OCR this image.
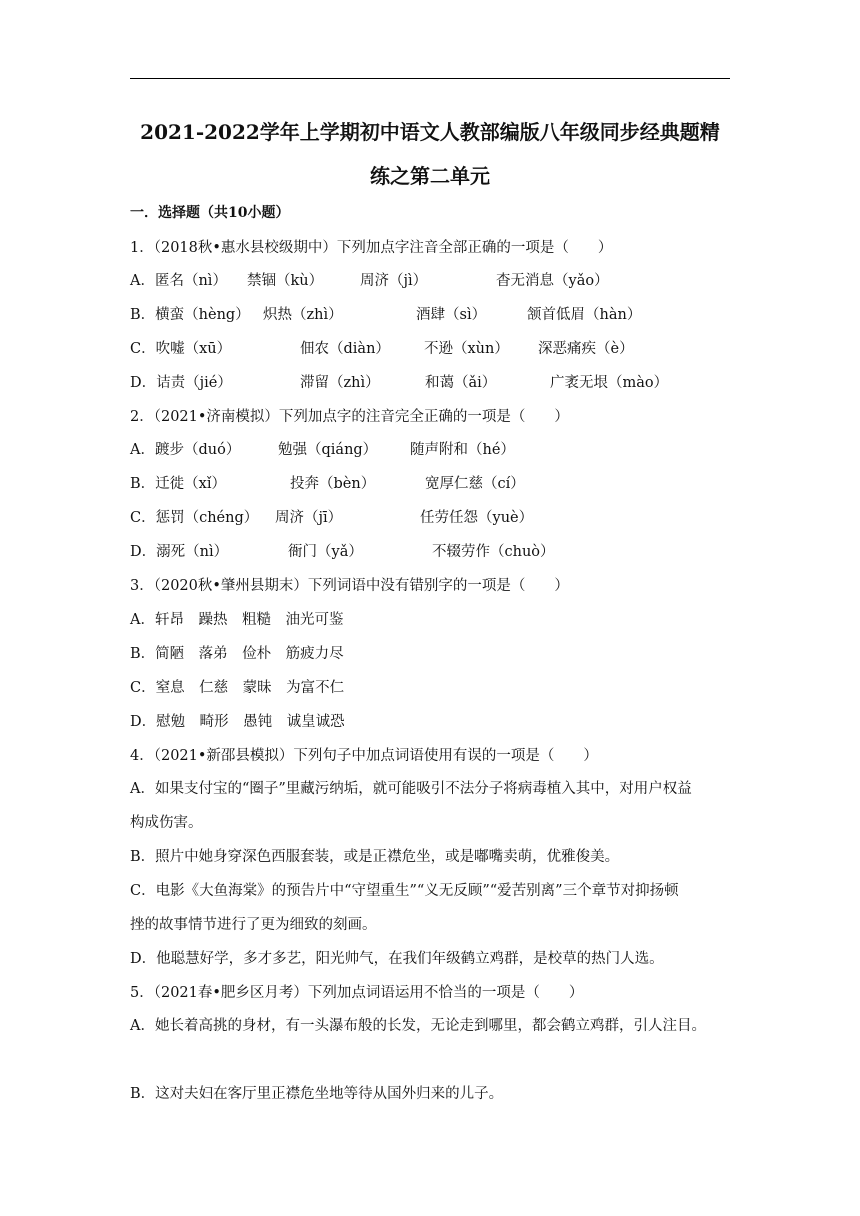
2021-2022学年上学期初中语文人教部编版八年级同步经典题精
练之第二单元
一．选择题（共10小题）
1．（2018秋•惠水县校级期中）下列加点字注音全部正确的一项是（　　）
A．匿名（nì） 禁锢（kù）	周济（jì）	杳无消息（yǎo）
B．横蛮（hèng） 炽热（zhì）	酒肆（sì）	颔首低眉（hàn）
C．吹嘘（xū）	佃农（diàn） 不逊（xùn） 深恶痛疾（è）
D．诘责（jié）	滞留（zhì）	和蔼（ǎi）	广袤无垠（mào）
2．（2021•济南模拟）下列加点字的注音完全正确的一项是（　　）
A．踱步（duó）	勉强（qiáng） 随声附和（hé）
B．迁徙（xǐ）	投奔（bèn）	宽厚仁慈（cí）
C．惩罚（chéng） 周济（jī）	任劳任怨（yuè）
D．溺死（nì）	衙门（yǎ）	不辍劳作（chuò）
3．（2020秋•肇州县期末）下列词语中没有错别字的一项是（　　）
A．轩昂　躁热　粗糙　油光可鉴
B．简陋　落弟　俭朴　筋疲力尽
C．窒息　仁慈　蒙昧　为富不仁
D．慰勉　畸形　愚钝　诚皇诚恐
4．（2021•新邵县模拟）下列句子中加点词语使用有误的一项是（　　）
A．如果支付宝的“圈子”里藏污纳垢，就可能吸引不法分子将病毒植入其中，对用户权益
构成伤害。
B．照片中她身穿深色西服套装，或是正襟危坐，或是嘟嘴卖萌，优雅俊美。
C．电影《大鱼海棠》的预告片中“守望重生”“义无反顾”“爱苦别离”三个章节对抑扬顿
挫的故事情节进行了更为细致的刻画。
D．他聪慧好学，多才多艺，阳光帅气，在我们年级鹤立鸡群，是校草的热门人选。
5．（2021春•肥乡区月考）下列加点词语运用不恰当的一项是（　　）
A．她长着高挑的身材，有一头瀑布般的长发，无论走到哪里，都会鹤立鸡群，引人注目。
B．这对夫妇在客厅里正襟危坐地等待从国外归来的儿子。
